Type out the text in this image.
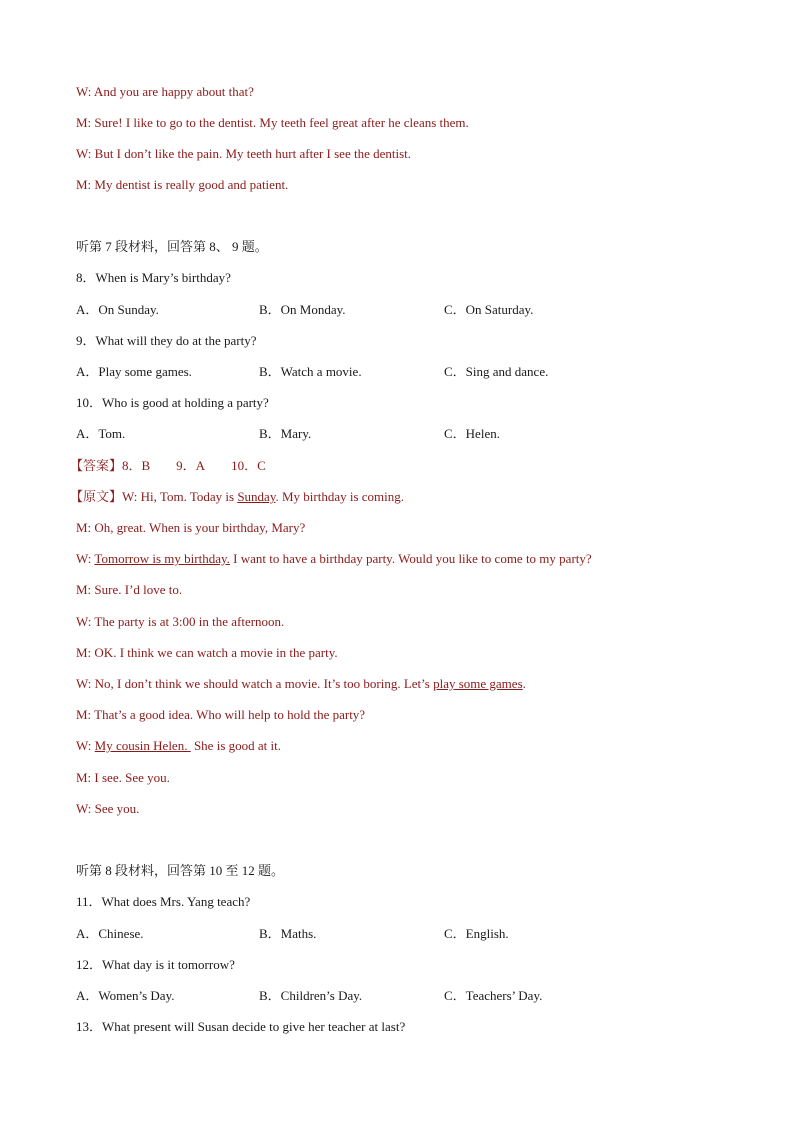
W: And you are happy about that?
M: Sure! I like to go to the dentist. My teeth feel great after he cleans them.
W: But I don’t like the pain. My teeth hurt after I see the dentist.
M: My dentist is really good and patient.
听第 7 段材料，回答第 8、 9 题。
8．When is Mary’s birthday?
A．On Sunday.	B．On Monday.	C．On Saturday.
9．What will they do at the party?
A．Play some games.	B．Watch a movie.	C．Sing and dance.
10．Who is good at holding a party?
A．Tom.	B．Mary.	C．Helen.
【答案】8．B        9．A        10．C
【原文】W: Hi, Tom. Today is Sunday. My birthday is coming.
M: Oh, great. When is your birthday, Mary?
W: Tomorrow is my birthday. I want to have a birthday party. Would you like to come to my party?
M: Sure. I’d love to.
W: The party is at 3:00 in the afternoon.
M: OK. I think we can watch a movie in the party.
W: No, I don’t think we should watch a movie. It’s too boring. Let’s play some games.
M: That’s a good idea. Who will help to hold the party?
W: My cousin Helen.  She is good at it.
M: I see. See you.
W: See you.
听第 8 段材料，回答第 10 至 12 题。
11．What does Mrs. Yang teach?
A．Chinese.	B．Maths.	C．English.
12．What day is it tomorrow?
A．Women’s Day.	B．Children’s Day.	C．Teachers’ Day.
13．What present will Susan decide to give her teacher at last?
